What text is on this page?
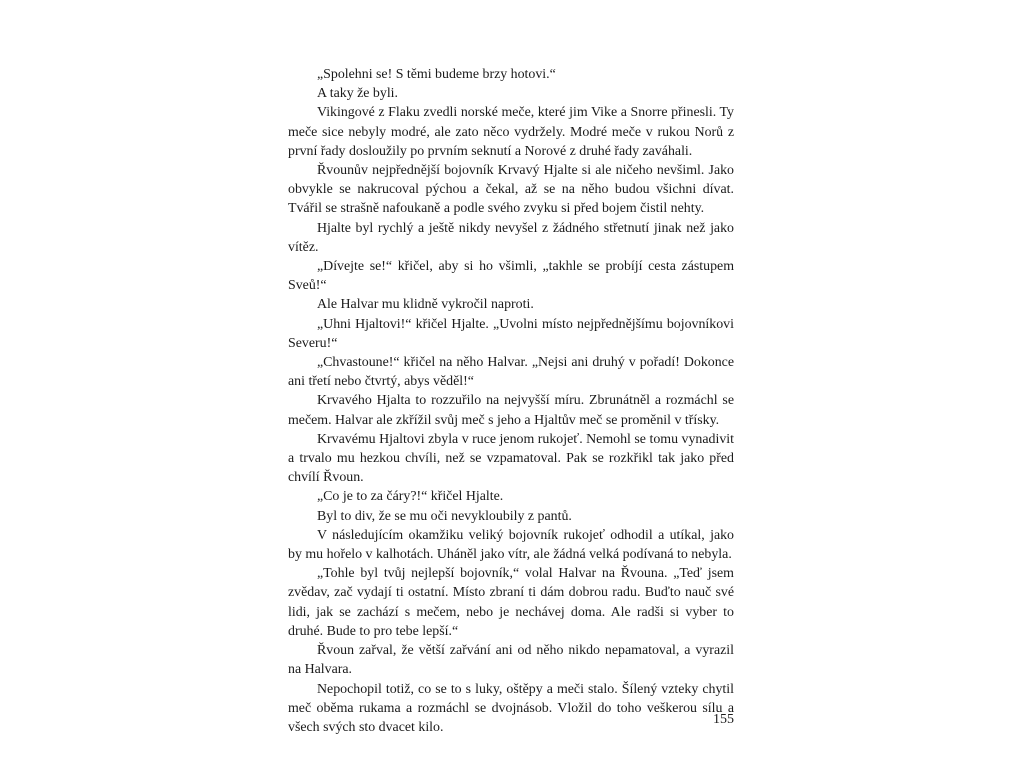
„Spolehni se! S těmi budeme brzy hotovi.“

A taky že byli.

Vikingové z Flaku zvedli norské meče, které jim Vike a Snorre přinesli. Ty meče sice nebyly modré, ale zato něco vydržely. Modré meče v rukou Norů z první řady dosloužily po prvním seknutí a Norové z druhé řady zaváhali.

Řvounův nejpřednější bojovník Krvavý Hjalte si ale ničeho nevšiml. Jako obvykle se nakrucoval pýchou a čekal, až se na něho budou všichni dívat. Tvářil se strašně nafoukaně a podle svého zvyku si před bojem čistil nehty.

Hjalte byl rychlý a ještě nikdy nevyšel z žádného střetnutí jinak než jako vítěz.

„Dívejte se!“ křičel, aby si ho všimli, „takhle se probíjí cesta zástupem Sveů!“

Ale Halvar mu klidně vykročil naproti.

„Uhni Hjaltovi!“ křičel Hjalte. „Uvolni místo nejpřednějšímu bojovníkovi Severu!“

„Chvastoune!“ křičel na něho Halvar. „Nejsi ani druhý v pořadí! Dokonce ani třetí nebo čtvrtý, abys věděl!“

Krvavého Hjalta to rozzuřilo na nejvyšší míru. Zbrunátněl a rozmáchl se mečem. Halvar ale zkřížil svůj meč s jeho a Hjaltův meč se proměnil v třísky.

Krvavému Hjaltovi zbyla v ruce jenom rukojeť. Nemohl se tomu vynadivit a trvalo mu hezkou chvíli, než se vzpamatoval. Pak se rozkřikl tak jako před chvílí Řvoun.

„Co je to za čáry?!“ křičel Hjalte.

Byl to div, že se mu oči nevykloubily z pantů.

V následujícím okamžiku veliký bojovník rukojeť odhodil a utíkal, jako by mu hořelo v kalhotách. Uháněl jako vítr, ale žádná velká podívaná to nebyla.

„Tohle byl tvůj nejlepší bojovník,“ volal Halvar na Řvouna. „Teď jsem zvědav, zač vydají ti ostatní. Místo zbraní ti dám dobrou radu. Buďto nauč své lidi, jak se zachází s mečem, nebo je nechávej doma. Ale radši si vyber to druhé. Bude to pro tebe lepší.“

Řvoun zařval, že větší zařvání ani od něho nikdo nepamatoval, a vyrazil na Halvara.

Nepochopil totiž, co se to s luky, oštěpy a meči stalo. Šílený vzteky chytil meč oběma rukama a rozmáchl se dvojnásob. Vložil do toho veškerou sílu a všech svých sto dvacet kilo.

155
